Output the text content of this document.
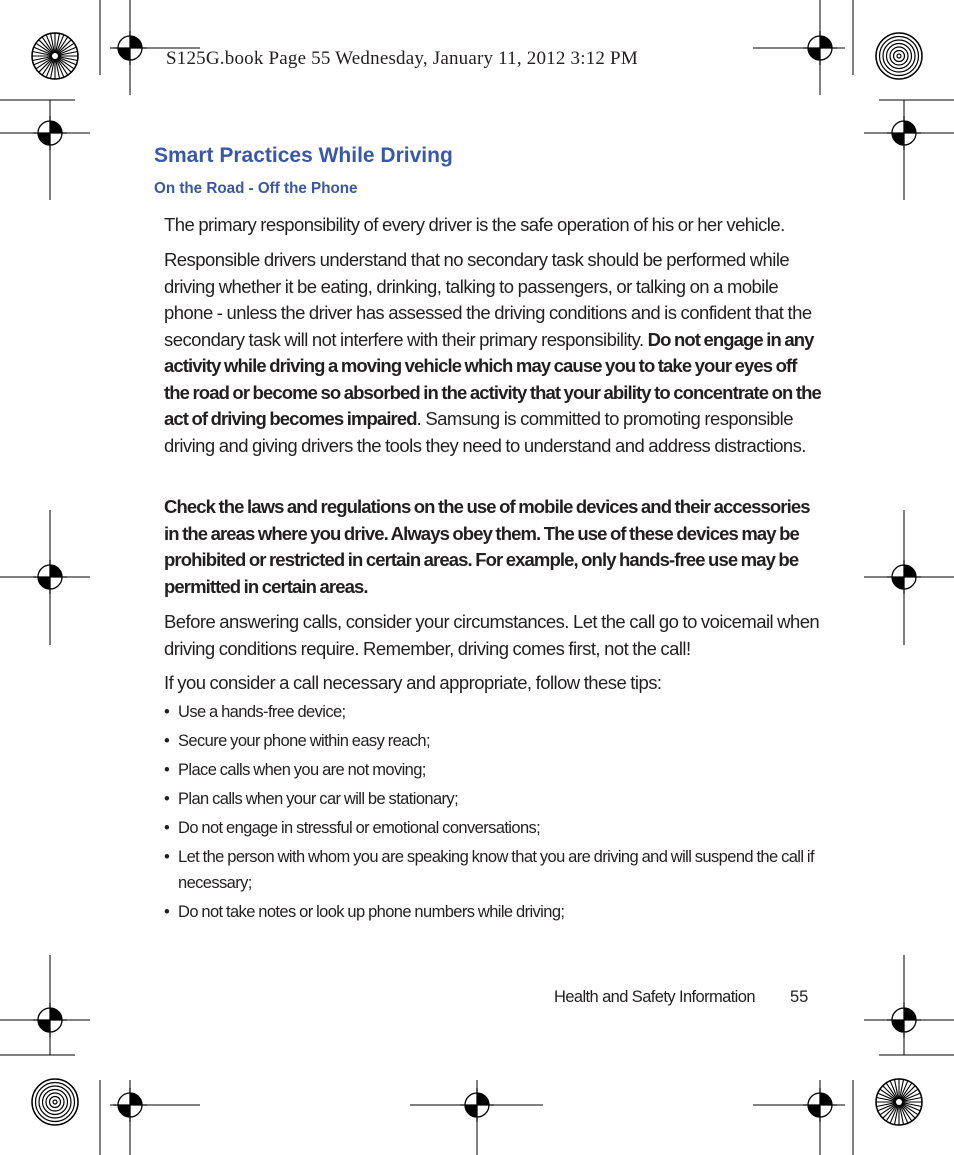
S125G.book Page 55 Wednesday, January 11, 2012 3:12 PM
Smart Practices While Driving
On the Road - Off the Phone
The primary responsibility of every driver is the safe operation of his or her vehicle.
Responsible drivers understand that no secondary task should be performed while driving whether it be eating, drinking, talking to passengers, or talking on a mobile phone - unless the driver has assessed the driving conditions and is confident that the secondary task will not interfere with their primary responsibility. Do not engage in any activity while driving a moving vehicle which may cause you to take your eyes off the road or become so absorbed in the activity that your ability to concentrate on the act of driving becomes impaired. Samsung is committed to promoting responsible driving and giving drivers the tools they need to understand and address distractions.
Check the laws and regulations on the use of mobile devices and their accessories in the areas where you drive. Always obey them. The use of these devices may be prohibited or restricted in certain areas. For example, only hands-free use may be permitted in certain areas.
Before answering calls, consider your circumstances. Let the call go to voicemail when driving conditions require. Remember, driving comes first, not the call!
If you consider a call necessary and appropriate, follow these tips:
• Use a hands-free device;
• Secure your phone within easy reach;
• Place calls when you are not moving;
• Plan calls when your car will be stationary;
• Do not engage in stressful or emotional conversations;
• Let the person with whom you are speaking know that you are driving and will suspend the call if necessary;
• Do not take notes or look up phone numbers while driving;
Health and Safety Information 55
